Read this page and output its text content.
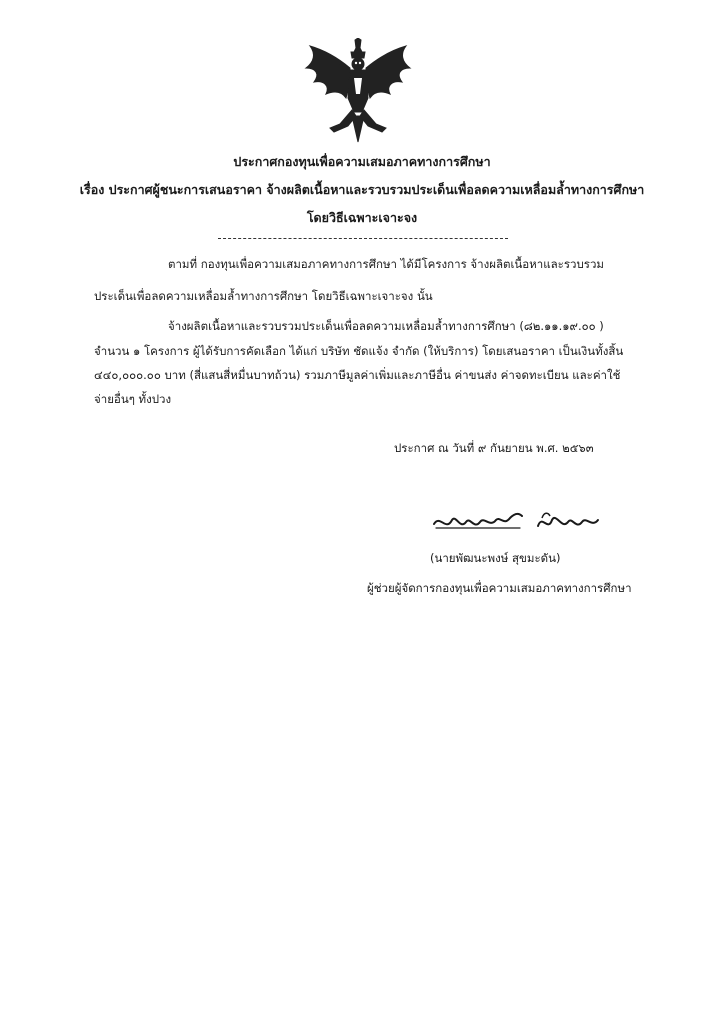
ประกาศกองทุนเพื่อความเสมอภาคทางการศึกษา
เรื่อง ประกาศผู้ชนะการเสนอราคา จ้างผลิตเนื้อหาและรวบรวมประเด็นเพื่อลดความเหลื่อมล้ำทางการศึกษา
โดยวิธีเฉพาะเจาะจง
ตามที่ กองทุนเพื่อความเสมอภาคทางการศึกษา ได้มีโครงการ จ้างผลิตเนื้อหาและรวบรวม
ประเด็นเพื่อลดความเหลื่อมล้ำทางการศึกษา โดยวิธีเฉพาะเจาะจง นั้น
จ้างผลิตเนื้อหาและรวบรวมประเด็นเพื่อลดความเหลื่อมล้ำทางการศึกษา (๘๒.๑๑.๑๙.๐๐ )
จำนวน ๑ โครงการ ผู้ได้รับการคัดเลือก ได้แก่ บริษัท ชัดแจ้ง จำกัด (ให้บริการ) โดยเสนอราคา เป็นเงินทั้งสิ้น
๔๔๐,๐๐๐.๐๐ บาท (สี่แสนสี่หมื่นบาทถ้วน) รวมภาษีมูลค่าเพิ่มและภาษีอื่น ค่าขนส่ง ค่าจดทะเบียน และค่าใช้
จ่ายอื่นๆ ทั้งปวง
ประกาศ ณ วันที่ ๙ กันยายน พ.ศ. ๒๕๖๓
(นายพัฒนะพงษ์ สุขมะดัน)
ผู้ช่วยผู้จัดการกองทุนเพื่อความเสมอภาคทางการศึกษา
